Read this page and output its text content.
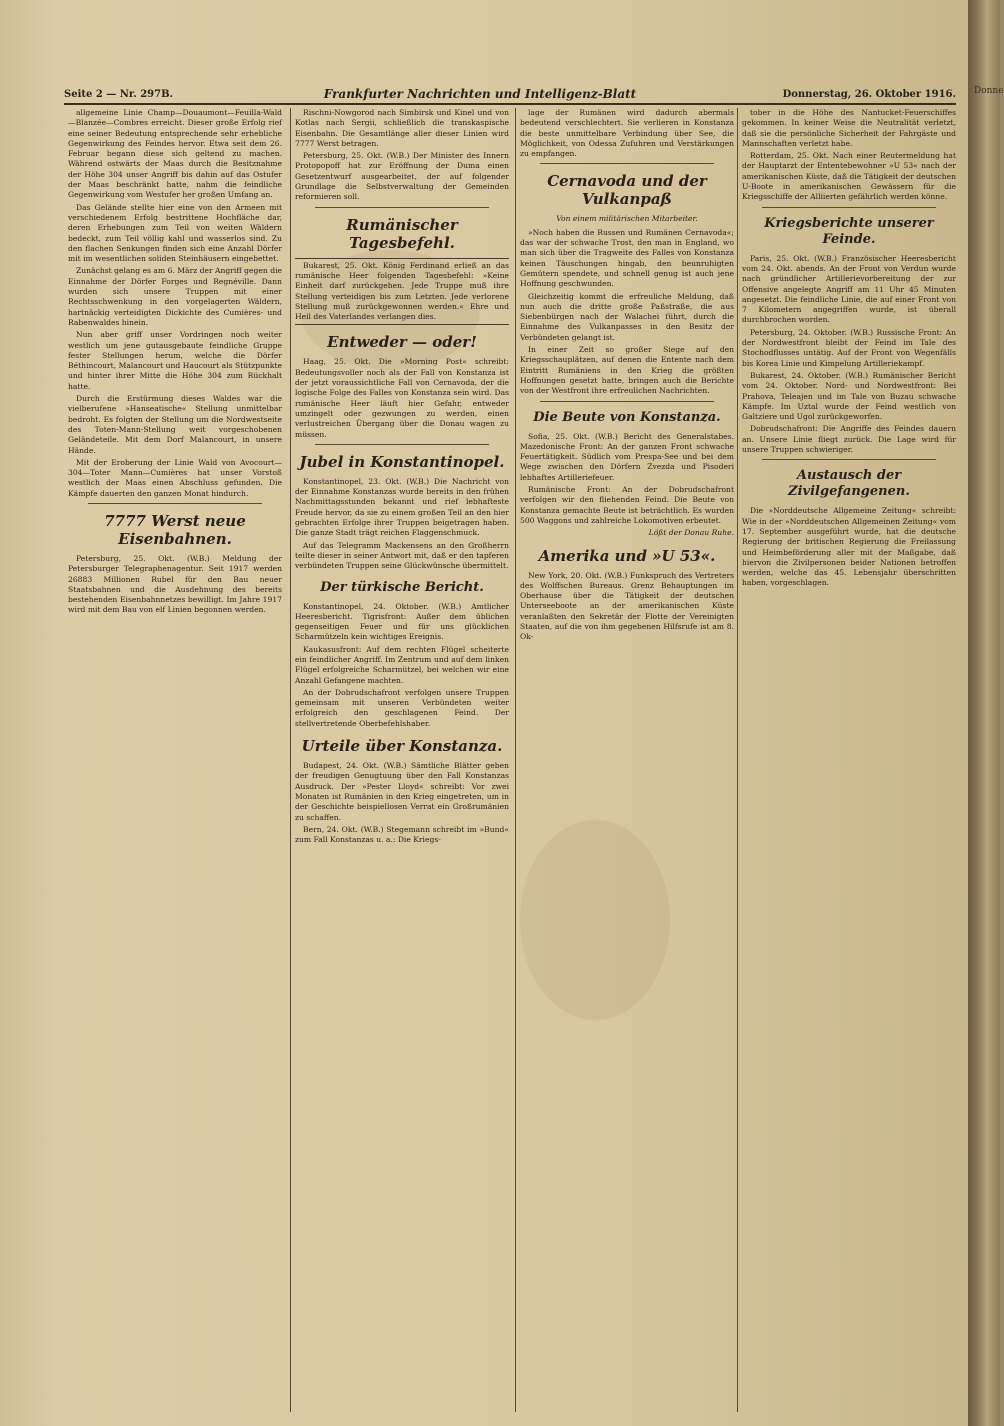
Donne
Seite 2 — Nr. 297B.	Frankfurter Nachrichten und Intelligenz-Blatt	Donnerstag, 26. Oktober 1916.

allgemeine Linie Champ—Douaumont—Feuilla-Wald—Blanzée—Combres erreicht. Dieser große Erfolg rief eine seiner Bedeutung entsprechende sehr erhebliche Gegenwirkung des Feindes hervor. Etwa seit dem 26. Februar begann diese sich geltend zu machen. Während ostwärts der Maas durch die Besitznahme der Höhe 304 unser Angriff bis dahin auf das Ostufer der Maas beschränkt hatte, nahm die feindliche Gegenwirkung vom Westufer her großen Umfang an.

Das Gelände stellte hier eine von den Armeen mit verschiedenem Erfolg bestrittene Hochfläche dar, deren Erhebungen zum Teil von weiten Wäldern bedeckt, zum Teil völlig kahl und wasserlos sind. Zu den flachen Senkungen finden sich eine Anzahl Dörfer mit im wesentlichen soliden Steinhäusern eingebettet.

Zunächst gelang es am 6. März der Angriff gegen die Einnahme der Dörfer Forges und Regnéville. Dann wurden sich unsere Truppen mit einer Rechtsschwenkung in den vorgelagerten Wäldern, hartnäckig verteidigten Dickichte des Cumières- und Rabenwaldes hinein.

Nun aber griff unser Vordringen noch weiter westlich um jene gutausgebaute feindliche Gruppe fester Stellungen herum, welche die Dörfer Béthincourt, Malancourt und Haucourt als Stützpunkte und hinter ihrer Mitte die Höhe 304 zum Rückhalt hatte.

Durch die Erstürmung dieses Waldes war die vielberufene »Hanseatische« Stellung unmittelbar bedroht. Es folgten der Stellung um die Nordwestseite des Toten-Mann-Stellung weit vorgeschobenen Geländeteile. Mit dem Dorf Malancourt, in unsere Hände.

Mit der Eroberung der Linie Wald von Avocourt—304—Toter Mann—Cumières hat unser Vorstoß westlich der Maas einen Abschluss gefunden. Die Kämpfe dauerten den ganzen Monat hindurch.

7777 Werst neue Eisenbahnen.

Petersburg, 25. Okt. (W.B.) Meldung der Petersburger Telegraphenagentur. Seit 1917 werden 26883 Millionen Rubel für den Bau neuer Staatsbahnen und die Ausdehnung des bereits bestehenden Eisenbahnnetzes bewilligt. Im Jahre 1917 wird mit dem Bau von elf Linien begonnen werden.

Rischni-Nowgorod nach Simbirsk und Kinel und von Kotlas nach Sergii, schließlich die transkaspische Eisenbahn. Die Gesamtlänge aller dieser Linien wird 7777 Werst betragen.

Petersburg, 25. Okt. (W.B.) Der Minister des Innern Protopopoff hat zur Eröffnung der Duma einen Gesetzentwurf ausgearbeitet, der auf folgender Grundlage die Selbstverwaltung der Gemeinden reformieren soll.

Rumänischer Tagesbefehl.

Bukarest, 25. Okt. König Ferdinand erließ an das rumänische Heer folgenden Tagesbefehl: »Keine Einheit darf zurückgehen. Jede Truppe muß ihre Stellung verteidigen bis zum Letzten. Jede verlorene Stellung muß zurückgewonnen werden.« Ehre und Heil des Vaterlandes verlangen dies.

Entweder — oder!

Haag, 25. Okt. Die »Morning Post« schreibt: Bedeutungsvoller noch als der Fall von Konstanza ist der jetzt voraussichtliche Fall von Cernavoda, der die logische Folge des Falles von Konstanza sein wird. Das rumänische Heer läuft hier Gefahr, entweder umzingelt oder gezwungen zu werden, einen verlustreichen Übergang über die Donau wagen zu müssen.

Jubel in Konstantinopel.

Konstantinopel, 23. Okt. (W.B.) Die Nachricht von der Einnahme Konstanzas wurde bereits in den frühen Nachmittagsstunden bekannt und rief lebhafteste Freude hervor, da sie zu einem großen Teil an den hier gebrachten Erfolge ihrer Truppen beigetragen haben. Die ganze Stadt trägt reichen Flaggenschmuck.

Auf das Telegramm Mackensens an den Großherrn teilte dieser in seiner Antwort mit, daß er den tapferen verbündeten Truppen seine Glückwünsche übermittelt.

Der türkische Bericht.

Konstantinopel, 24. Oktober. (W.B.) Amtlicher Heeresbericht. Tigrisfront: Außer dem üblichen gegenseitigen Feuer und für uns glücklichen Scharmützeln kein wichtiges Ereignis.

Kaukasusfront: Auf dem rechten Flügel scheiterte ein feindlicher Angriff. Im Zentrum und auf dem linken Flügel erfolgreiche Scharmützel, bei welchen wir eine Anzahl Gefangene machten.

An der Dobrudschafront verfolgen unsere Truppen gemeinsam mit unseren Verbündeten weiter erfolgreich den geschlagenen Feind. Der stellvertretende Oberbefehlshaber.

Urteile über Konstanza.

Budapest, 24. Okt. (W.B.) Sämtliche Blätter geben der freudigen Genugtuung über den Fall Konstanzas Ausdruck. Der »Pester Lloyd« schreibt: Vor zwei Monaten ist Rumänien in den Krieg eingetreten, um in der Geschichte beispiellosen Verrat ein Großrumänien zu schaffen.

Bern, 24. Okt. (W.B.) Stegemann schreibt im »Bund« zum Fall Konstanzas u. a.: Die Kriegs-

lage der Rumänen wird dadurch abermals bedeutend verschlechtert. Sie verlieren in Konstanza die beste unmittelbare Verbindung über See, die Möglichkeit, von Odessa Zufuhren und Verstärkungen zu empfangen.

Cernavoda und der Vulkanpaß
Von einem militärischen Mitarbeiter.

»Noch haben die Russen und Rumänen Cernavoda«; das war der schwache Trost, den man in England, wo man sich über die Tragweite des Falles von Konstanza keinen Täuschungen hingab, den beunruhigten Gemütern spendete, und schnell genug ist auch jene Hoffnung geschwunden.

Gleichzeitig kommt die erfreuliche Meldung, daß nun auch die dritte große Paßstraße, die aus Siebenbürgen nach der Walachei führt, durch die Einnahme des Vulkanpasses in den Besitz der Verbündeten gelangt ist.

In einer Zeit so großer Siege auf den Kriegsschauplätzen, auf denen die Entente nach dem Eintritt Rumäniens in den Krieg die größten Hoffnungen gesetzt hatte, bringen auch die Berichte von der Westfront ihre erfreulichen Nachrichten.

Die Beute von Konstanza.

Sofia, 25. Okt. (W.B.) Bericht des Generalstabes. Mazedonische Front: An der ganzen Front schwache Feuertätigkeit. Südlich vom Prespa-See und bei dem Wege zwischen den Dörfern Zvezda und Pisoderi lebhaftes Artilleriefeuer.

Rumänische Front: An der Dobrudschafront verfolgen wir den fliehenden Feind. Die Beute von Konstanza gemachte Beute ist beträchtlich. Es wurden 500 Waggons und zahlreiche Lokomotiven erbeutet.

Lößt der Donau Ruhe.
Amerika und »U 53«.

New York, 20. Okt. (W.B.) Funkspruch des Vertreters des Wolffschen Bureaus. Grenz Behauptungen im Oberhause über die Tätigkeit der deutschen Unterseeboote an der amerikanischen Küste veranlaßten den Sekretär der Flotte der Vereinigten Staaten, auf die von ihm gegebenen Hilfsrufe ist am 8. Ok-

tober in die Höhe des Nantucket-Feuerschiffes gekommen. In keiner Weise die Neutralität verletzt, daß sie die persönliche Sicherheit der Fahrgäste und Mannschaften verletzt habe.

Rotterdam, 25. Okt. Nach einer Reutermeldung hat der Hauptarzt der Ententebewohner »U 53« nach der amerikanischen Küste, daß die Tätigkeit der deutschen U-Boote in amerikanischen Gewässern für die Kriegsschiffe der Alliierten gefährlich werden könne.

Kriegsberichte unserer Feinde.

Paris, 25. Okt. (W.B.) Französischer Heeresbericht vom 24. Okt. abends. An der Front von Verdun wurde nach gründlicher Artillerievorbereitung der zur Offensive angelegte Angriff am 11 Uhr 45 Minuten angesetzt. Die feindliche Linie, die auf einer Front von 7 Kilometern angegriffen wurde, ist überall durchbrochen worden.

Petersburg, 24. Oktober. (W.B.) Russische Front: An der Nordwestfront bleibt der Feind im Tale des Stochodflusses untätig. Auf der Front von Wegenfälls bis Korea Linie und Kimpelung Artilleriekampf.

Bukarest, 24. Oktober. (W.B.) Rumänischer Bericht vom 24. Oktober. Nord- und Nordwestfront: Bei Prahova, Teleajen und im Tale von Buzau schwache Kämpfe. Im Uztal wurde der Feind westlich von Galtziere und Ugol zurückgeworfen.

Dobrudschafront: Die Angriffe des Feindes dauern an. Unsere Linie fliegt zurück. Die Lage wird für unsere Truppen schwieriger.

Austausch der Zivilgefangenen.

Die »Norddeutsche Allgemeine Zeitung« schreibt: Wie in der »Norddeutschen Allgemeinen Zeitung« vom 17. September ausgeführt wurde, hat die deutsche Regierung der britischen Regierung die Freilassung und Heimbeförderung aller mit der Maßgabe, daß hiervon die Zivilpersonen beider Nationen betroffen werden, welche das 45. Lebensjahr überschritten haben, vorgeschlagen.
